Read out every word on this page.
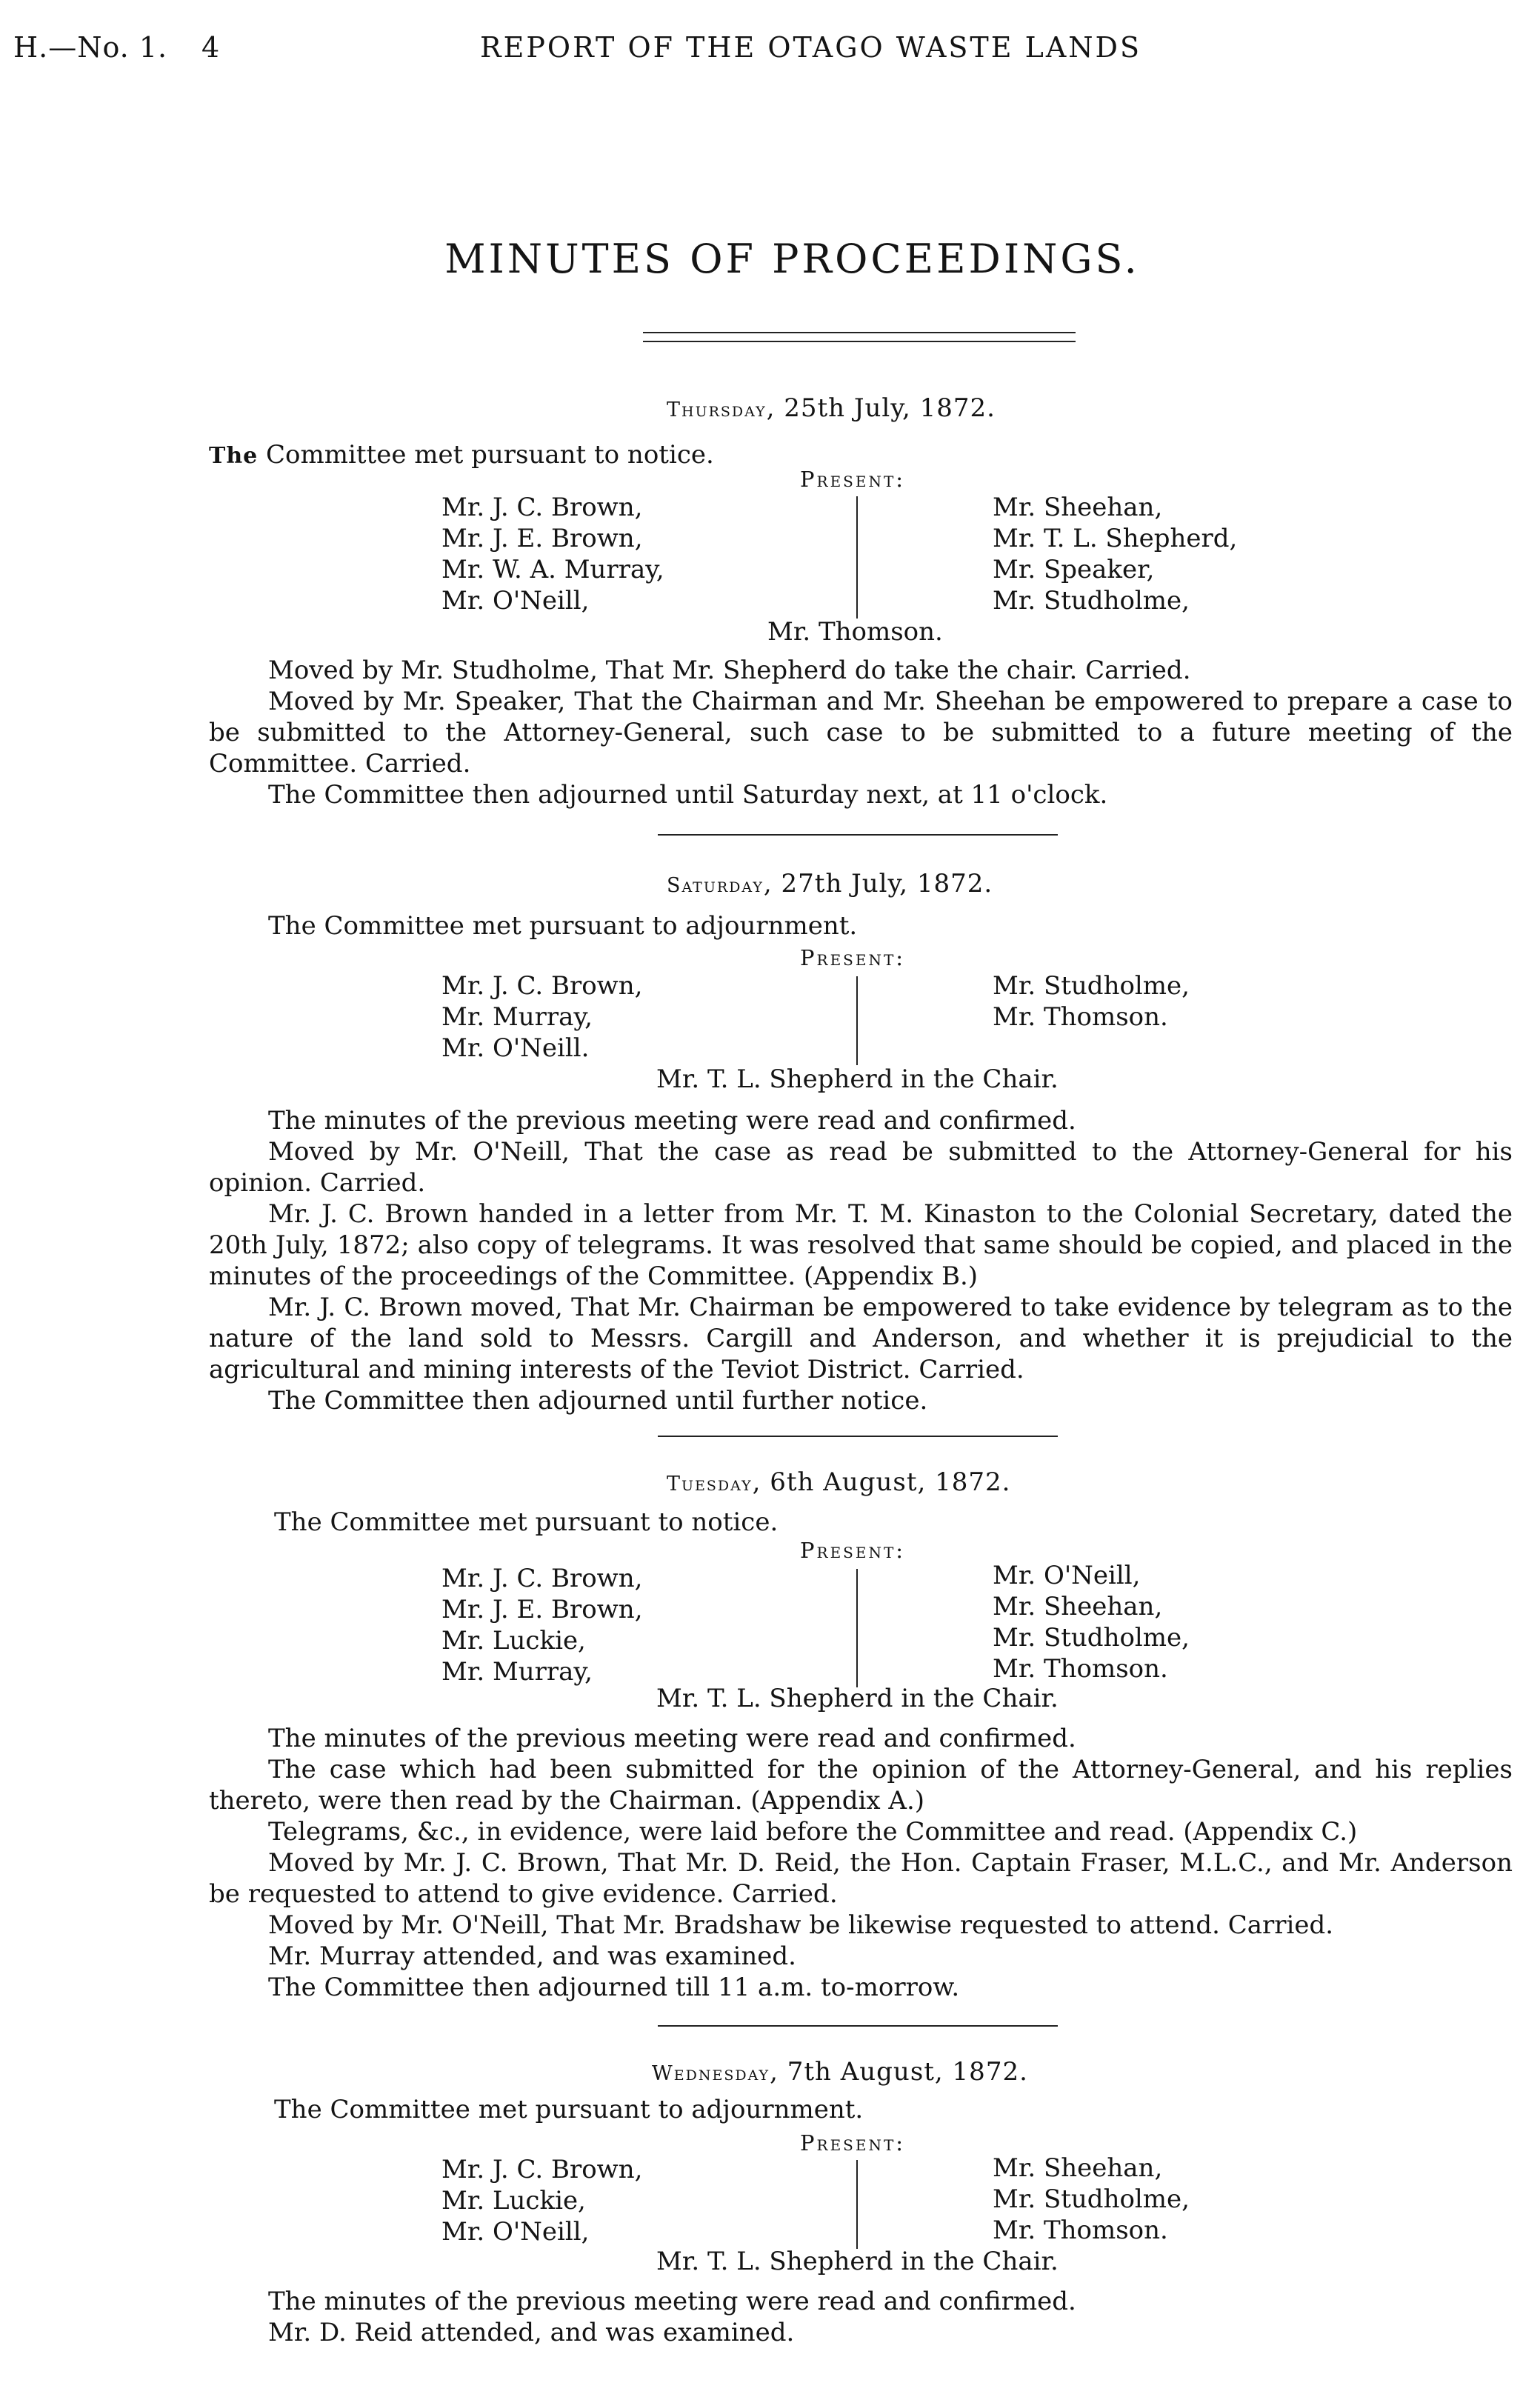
H.—No. 1. 4	REPORT OF THE OTAGO WASTE LANDS
MINUTES OF PROCEEDINGS.
Thursday, 25th July, 1872.
The Committee met pursuant to notice.
Present:
Mr. J. C. Brown,
Mr. J. E. Brown,
Mr. W. A. Murray,
Mr. O'Neill,
Mr. Sheehan,
Mr. T. L. Shepherd,
Mr. Speaker,
Mr. Studholme,
Mr. Thomson.

Moved by Mr. Studholme, That Mr. Shepherd do take the chair. Carried.

Moved by Mr. Speaker, That the Chairman and Mr. Sheehan be empowered to prepare a case to be submitted to the Attorney-General, such case to be submitted to a future meeting of the Committee. Carried.

The Committee then adjourned until Saturday next, at 11 o'clock.

Saturday, 27th July, 1872.
The Committee met pursuant to adjournment.
Present:
Mr. J. C. Brown,
Mr. Murray,
Mr. O'Neill.
Mr. Studholme,
Mr. Thomson.
Mr. T. L. Shepherd in the Chair.

The minutes of the previous meeting were read and confirmed.

Moved by Mr. O'Neill, That the case as read be submitted to the Attorney-General for his opinion. Carried.

Mr. J. C. Brown handed in a letter from Mr. T. M. Kinaston to the Colonial Secretary, dated the 20th July, 1872; also copy of telegrams. It was resolved that same should be copied, and placed in the minutes of the proceedings of the Committee. (Appendix B.)

Mr. J. C. Brown moved, That Mr. Chairman be empowered to take evidence by telegram as to the nature of the land sold to Messrs. Cargill and Anderson, and whether it is prejudicial to the agricultural and mining interests of the Teviot District. Carried.

The Committee then adjourned until further notice.

Tuesday, 6th August, 1872.
The Committee met pursuant to notice.
Present:
Mr. J. C. Brown,
Mr. J. E. Brown,
Mr. Luckie,
Mr. Murray,
Mr. O'Neill,
Mr. Sheehan,
Mr. Studholme,
Mr. Thomson.
Mr. T. L. Shepherd in the Chair.

The minutes of the previous meeting were read and confirmed.

The case which had been submitted for the opinion of the Attorney-General, and his replies thereto, were then read by the Chairman. (Appendix A.)

Telegrams, &c., in evidence, were laid before the Committee and read. (Appendix C.)

Moved by Mr. J. C. Brown, That Mr. D. Reid, the Hon. Captain Fraser, M.L.C., and Mr. Anderson be requested to attend to give evidence. Carried.

Moved by Mr. O'Neill, That Mr. Bradshaw be likewise requested to attend. Carried.

Mr. Murray attended, and was examined.

The Committee then adjourned till 11 a.m. to-morrow.

Wednesday, 7th August, 1872.
The Committee met pursuant to adjournment.
Present:
Mr. J. C. Brown,
Mr. Luckie,
Mr. O'Neill,
Mr. Sheehan,
Mr. Studholme,
Mr. Thomson.
Mr. T. L. Shepherd in the Chair.

The minutes of the previous meeting were read and confirmed.

Mr. D. Reid attended, and was examined.
